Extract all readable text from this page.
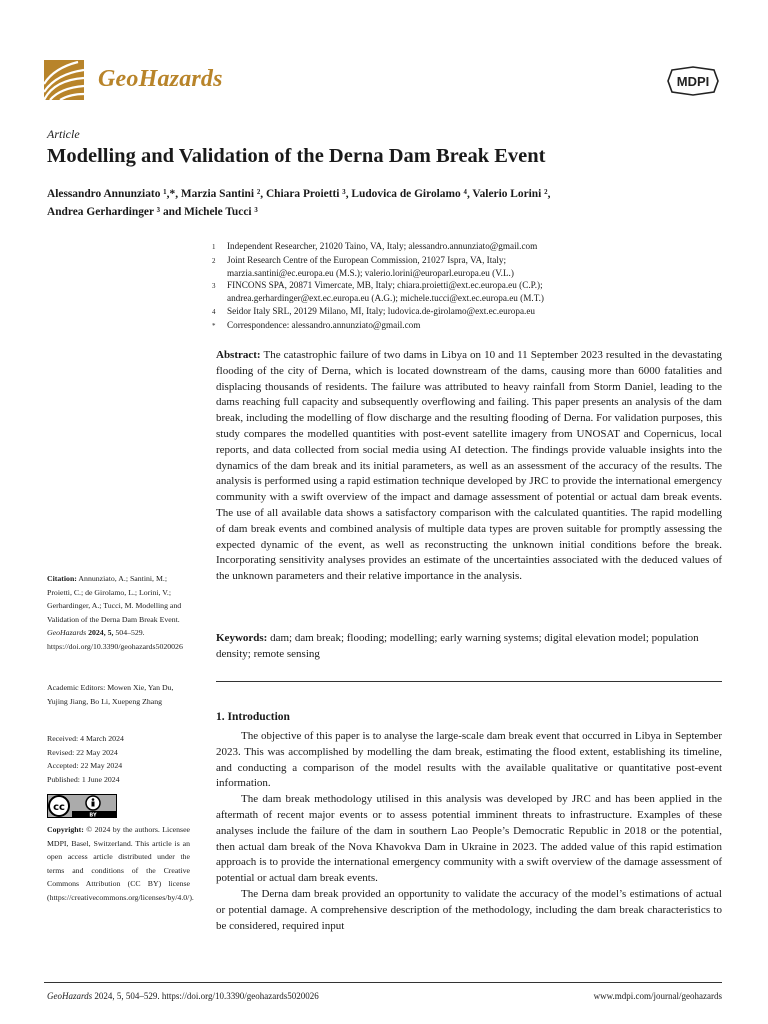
GeoHazards	MDPI
Article
Modelling and Validation of the Derna Dam Break Event
Alessandro Annunziato ¹,*, Marzia Santini ², Chiara Proietti ³, Ludovica de Girolamo ⁴, Valerio Lorini ²,
Andrea Gerhardinger ³ and Michele Tucci ³
1	Independent Researcher, 21020 Taino, VA, Italy; alessandro.annunziato@gmail.com
2	Joint Research Centre of the European Commission, 21027 Ispra, VA, Italy;
marzia.santini@ec.europa.eu (M.S.); valerio.lorini@europarl.europa.eu (V.L.)
3	FINCONS SPA, 20871 Vimercate, MB, Italy; chiara.proietti@ext.ec.europa.eu (C.P.);
andrea.gerhardinger@ext.ec.europa.eu (A.G.); michele.tucci@ext.ec.europa.eu (M.T.)
4	Seidor Italy SRL, 20129 Milano, MI, Italy; ludovica.de-girolamo@ext.ec.europa.eu
*	Correspondence: alessandro.annunziato@gmail.com
Abstract: The catastrophic failure of two dams in Libya on 10 and 11 September 2023 resulted in the devastating flooding of the city of Derna, which is located downstream of the dams, causing more than 6000 fatalities and displacing thousands of residents. The failure was attributed to heavy rainfall from Storm Daniel, leading to the dams reaching full capacity and subsequently overflowing and failing. This paper presents an analysis of the dam break, including the modelling of flow discharge and the resulting flooding of Derna. For validation purposes, this study compares the modelled quantities with post-event satellite imagery from UNOSAT and Copernicus, local reports, and data collected from social media using AI detection. The findings provide valuable insights into the dynamics of the dam break and its initial parameters, as well as an assessment of the accuracy of the results. The analysis is performed using a rapid estimation technique developed by JRC to provide the international emergency community with a swift overview of the impact and damage assessment of potential or actual dam break events. The use of all available data shows a satisfactory comparison with the calculated quantities. The rapid modelling of dam break events and combined analysis of multiple data types are proven suitable for promptly assessing the expected dynamic of the event, as well as reconstructing the unknown initial conditions before the break. Incorporating sensitivity analyses provides an estimate of the uncertainties associated with the deduced values of the unknown parameters and their relative importance in the analysis.
Keywords: dam; dam break; flooding; modelling; early warning systems; digital elevation model; population density; remote sensing
1. Introduction

The objective of this paper is to analyse the large-scale dam break event that occurred in Libya in September 2023. This was accomplished by modelling the dam break, estimating the flood extent, establishing its timeline, and conducting a comparison of the model results with the available qualitative or quantitative post-event information.

The dam break methodology utilised in this analysis was developed by JRC and has been applied in the aftermath of recent major events or to assess potential imminent threats to infrastructure. Examples of these analyses include the failure of the dam in southern Lao People’s Democratic Republic in 2018 or the potential, then actual dam break of the Nova Khavokva Dam in Ukraine in 2023. The added value of this rapid estimation approach is to provide the international emergency community with a swift overview of the damage assessment of potential or actual dam break events.

The Derna dam break provided an opportunity to validate the accuracy of the model’s estimations of actual or potential damage. A comprehensive description of the methodology, including the dam break characteristics to be considered, required input

Citation: Annunziato, A.; Santini, M.; Proietti, C.; de Girolamo, L.; Lorini, V.; Gerhardinger, A.; Tucci, M. Modelling and Validation of the Derna Dam Break Event. GeoHazards 2024, 5, 504–529. https://doi.org/10.3390/geohazards5020026
Academic Editors: Mowen Xie, Yan Du, Yujing Jiang, Bo Li, Xuepeng Zhang
Received: 4 March 2024
Revised: 22 May 2024
Accepted: 22 May 2024
Published: 1 June 2024
cc
BY
Copyright: © 2024 by the authors. Licensee MDPI, Basel, Switzerland. This article is an open access article distributed under the terms and conditions of the Creative Commons Attribution (CC BY) license (https://creativecommons.org/licenses/by/4.0/).
GeoHazards 2024, 5, 504–529. https://doi.org/10.3390/geohazards5020026	www.mdpi.com/journal/geohazards
